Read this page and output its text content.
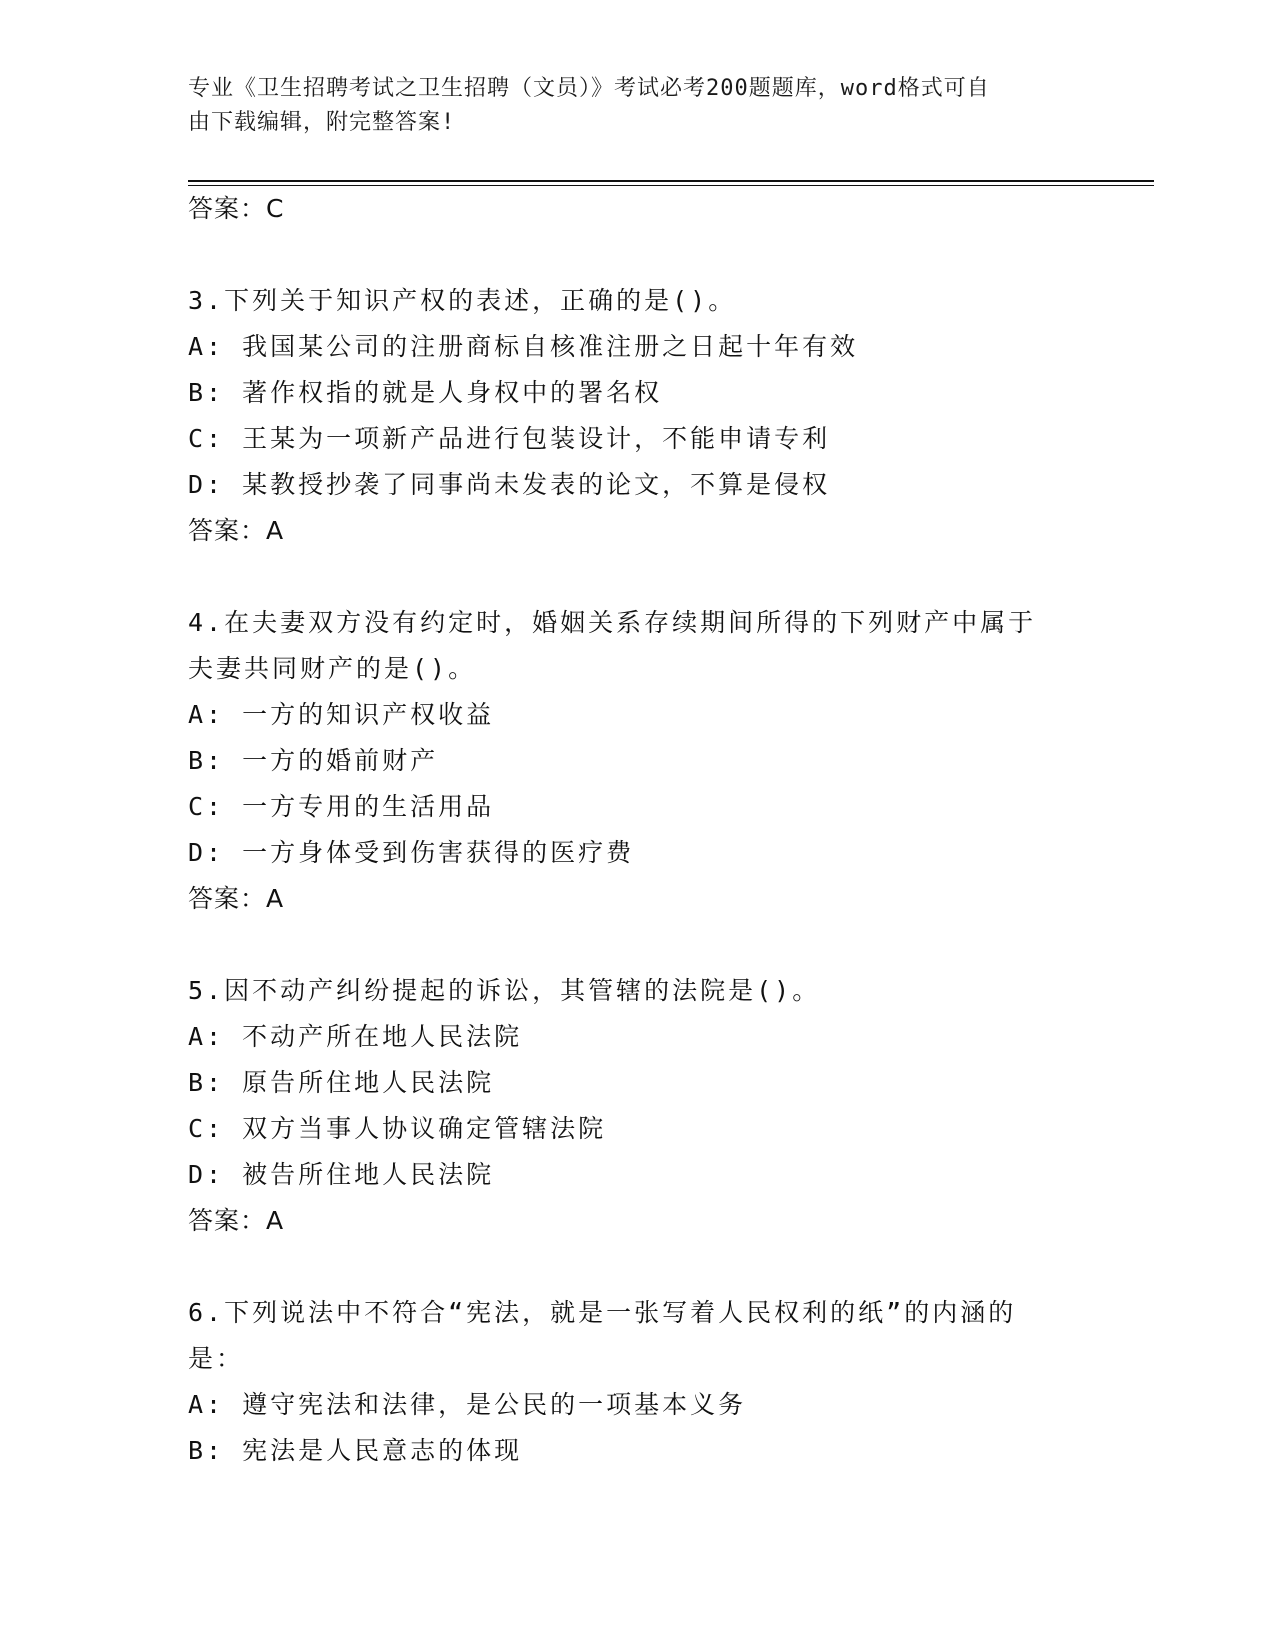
专业《卫生招聘考试之卫生招聘（文员）》考试必考200题题库，word格式可自
由下载编辑，附完整答案!
答案：C
3.下列关于知识产权的表述，正确的是()。
A: 我国某公司的注册商标自核准注册之日起十年有效
B: 著作权指的就是人身权中的署名权
C: 王某为一项新产品进行包装设计，不能申请专利
D: 某教授抄袭了同事尚未发表的论文，不算是侵权
答案：A
4.在夫妻双方没有约定时，婚姻关系存续期间所得的下列财产中属于
夫妻共同财产的是()。
A: 一方的知识产权收益
B: 一方的婚前财产
C: 一方专用的生活用品
D: 一方身体受到伤害获得的医疗费
答案：A
5.因不动产纠纷提起的诉讼，其管辖的法院是()。
A: 不动产所在地人民法院
B: 原告所住地人民法院
C: 双方当事人协议确定管辖法院
D: 被告所住地人民法院
答案：A
6.下列说法中不符合“宪法，就是一张写着人民权利的纸”的内涵的
是：
A: 遵守宪法和法律，是公民的一项基本义务
B: 宪法是人民意志的体现
